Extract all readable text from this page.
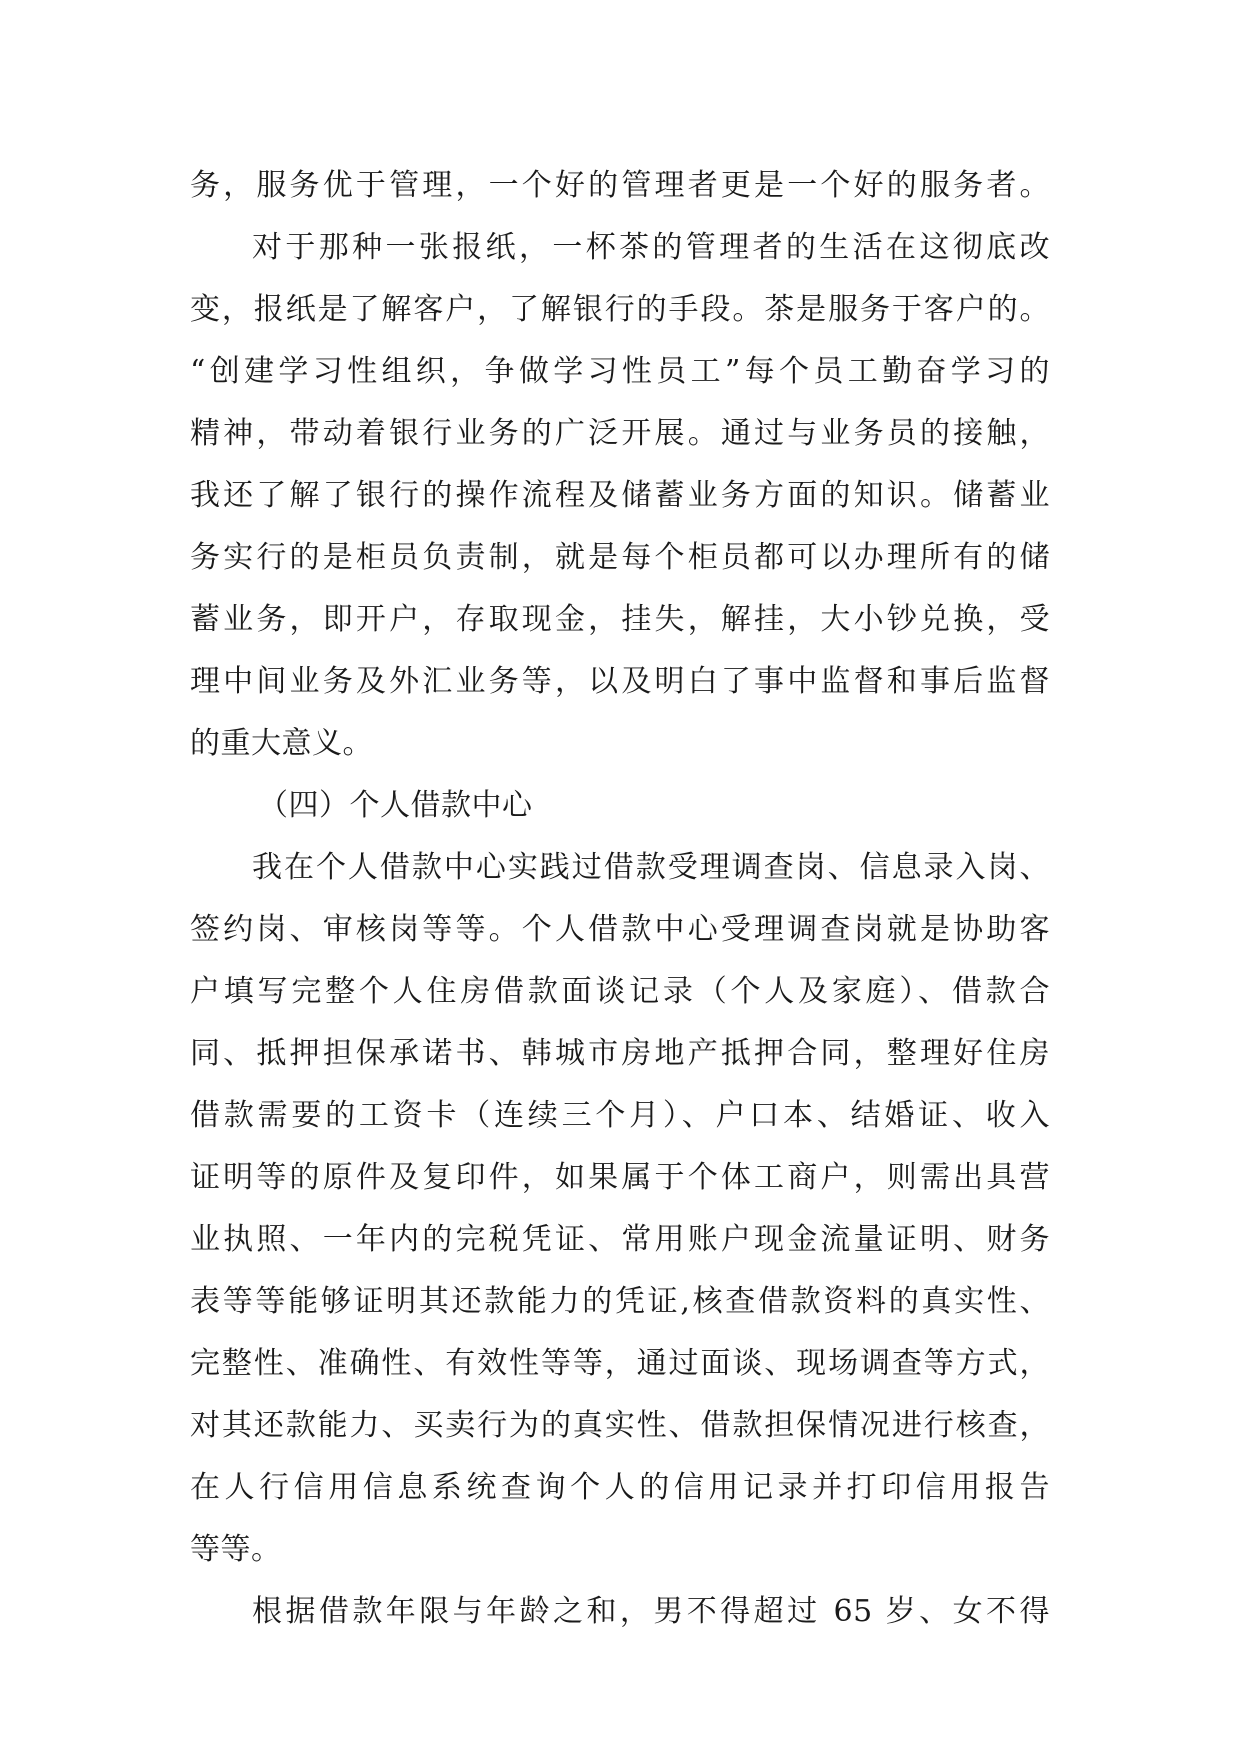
务，服务优于管理，一个好的管理者更是一个好的服务者。
对于那种一张报纸，一杯茶的管理者的生活在这彻底改
变，报纸是了解客户，了解银行的手段。茶是服务于客户的。
“创建学习性组织，争做学习性员工”每个员工勤奋学习的
精神，带动着银行业务的广泛开展。通过与业务员的接触，
我还了解了银行的操作流程及储蓄业务方面的知识。储蓄业
务实行的是柜员负责制，就是每个柜员都可以办理所有的储
蓄业务，即开户，存取现金，挂失，解挂，大小钞兑换，受
理中间业务及外汇业务等，以及明白了事中监督和事后监督
的重大意义。
（四）个人借款中心
我在个人借款中心实践过借款受理调查岗、信息录入岗、
签约岗、审核岗等等。个人借款中心受理调查岗就是协助客
户填写完整个人住房借款面谈记录（个人及家庭）、借款合
同、抵押担保承诺书、韩城市房地产抵押合同，整理好住房
借款需要的工资卡（连续三个月）、户口本、结婚证、收入
证明等的原件及复印件，如果属于个体工商户，则需出具营
业执照、一年内的完税凭证、常用账户现金流量证明、财务
表等等能够证明其还款能力的凭证,核查借款资料的真实性、
完整性、准确性、有效性等等，通过面谈、现场调查等方式，
对其还款能力、买卖行为的真实性、借款担保情况进行核查，
在人行信用信息系统查询个人的信用记录并打印信用报告
等等。
根据借款年限与年龄之和，男不得超过 65 岁、女不得
